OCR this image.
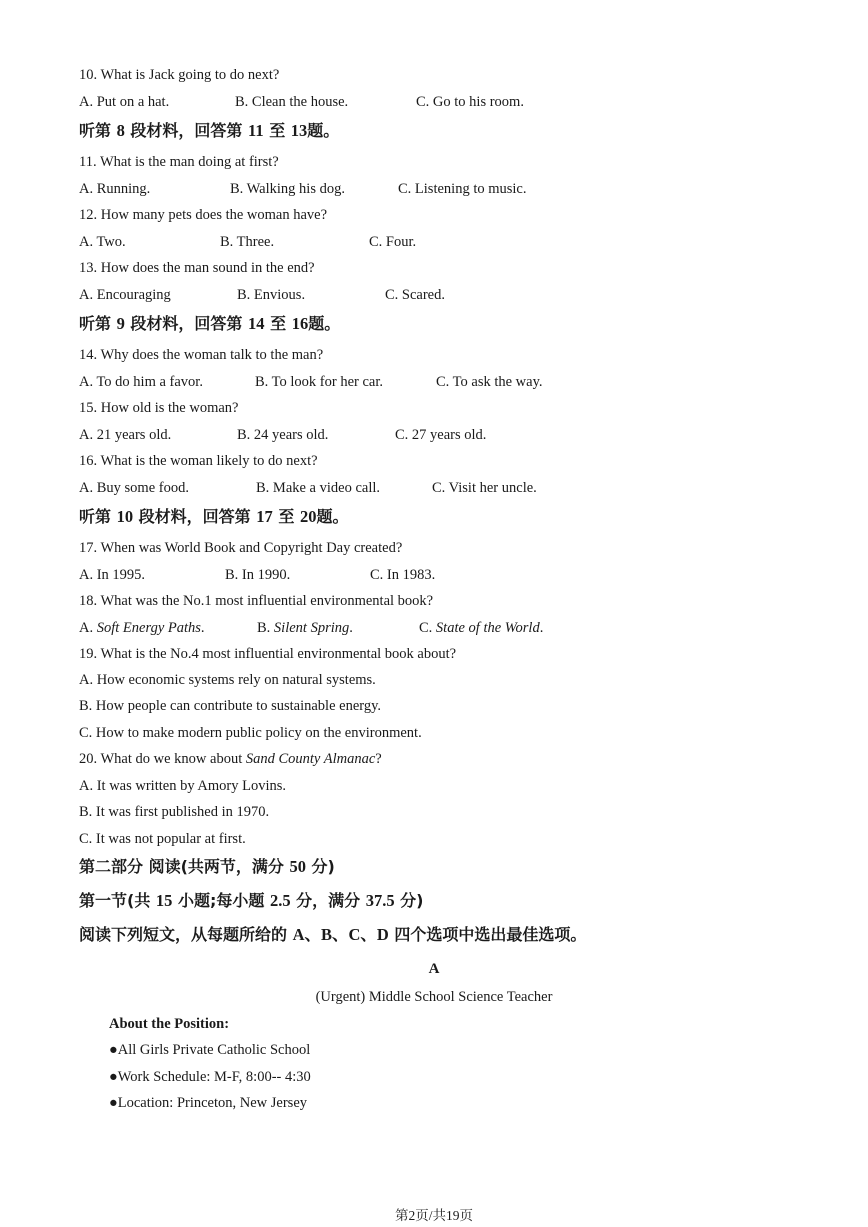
10. What is Jack going to do next?
A. Put on a hat.	B. Clean the house.	C. Go to his room.
听第 8 段材料，回答第 11 至 13题。
11. What is the man doing at first?
A. Running.	B. Walking his dog.	C. Listening to music.
12. How many pets does the woman have?
A. Two.	B. Three.	C. Four.
13. How does the man sound in the end?
A. Encouraging	B. Envious.	C. Scared.
听第 9 段材料，回答第 14 至 16题。
14. Why does the woman talk to the man?
A. To do him a favor.	B. To look for her car.	C. To ask the way.
15. How old is the woman?
A. 21 years old.	B. 24 years old.	C. 27 years old.
16. What is the woman likely to do next?
A. Buy some food.	B. Make a video call.	C. Visit her uncle.
听第 10 段材料，回答第 17 至 20题。
17. When was World Book and Copyright Day created?
A. In 1995.	B. In 1990.	C. In 1983.
18. What was the No.1 most influential environmental book?
A. Soft Energy Paths.	B. Silent Spring.	C. State of the World.
19. What is the No.4 most influential environmental book about?
A. How economic systems rely on natural systems.
B. How people can contribute to sustainable energy.
C. How to make modern public policy on the environment.
20. What do we know about Sand County Almanac?
A. It was written by Amory Lovins.
B. It was first published in 1970.
C. It was not popular at first.
第二部分 阅读(共两节，满分 50 分)
第一节(共 15 小题;每小题 2.5 分，满分 37.5 分)
阅读下列短文，从每题所给的 A、B、C、D 四个选项中选出最佳选项。
A
(Urgent) Middle School Science Teacher
About the Position:
●All Girls Private Catholic School
●Work Schedule: M-F, 8:00-- 4:30
●Location: Princeton, New Jersey
第2页/共19页
